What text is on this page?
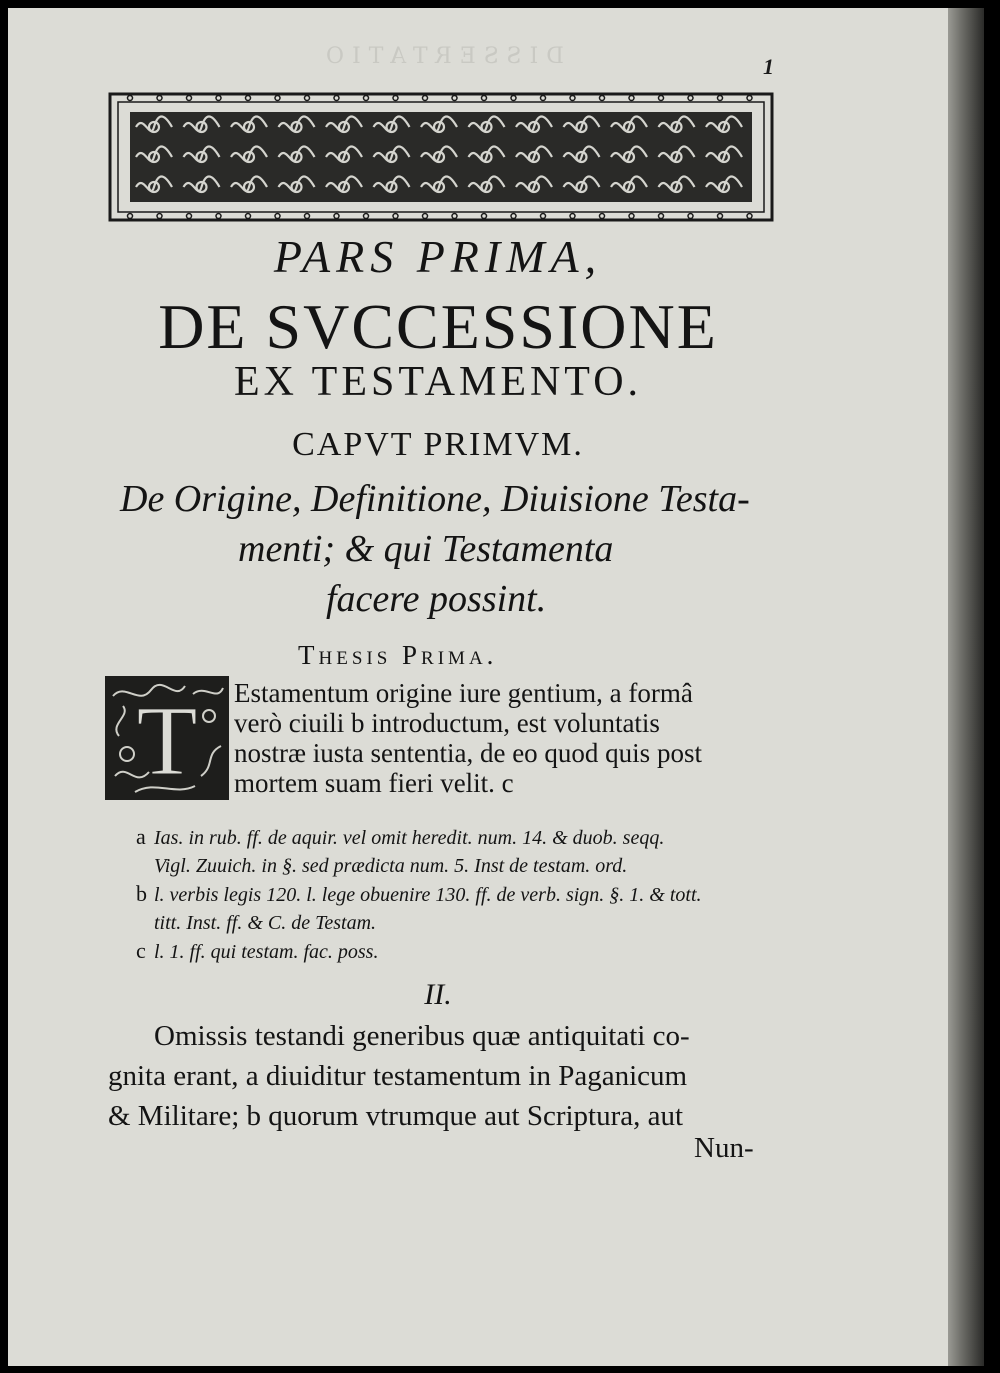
DISSERTATIO	1
PARS PRIMA,
DE SVCCESSIONE
EX TESTAMENTO.
CAPVT PRIMVM.
De Origine, Definitione, Diuisione Testa-
menti; & qui Testamenta
facere possint.
Thesis Prima.
T Estamentum origine iure gentium, a formâ
verò ciuili b introductum, est voluntatis
nostræ iusta sententia, de eo quod quis post
mortem suam fieri velit. c
a Ias. in rub. ff. de aquir. vel omit heredit. num. 14. & duob. seqq.
Vigl. Zuuich. in §. sed prædicta num. 5. Inst de testam. ord.
b l. verbis legis 120. l. lege obuenire 130. ff. de verb. sign. §. 1. & tott.
titt. Inst. ff. & C. de Testam.
c l. 1. ff. qui testam. fac. poss.
II.
Omissis testandi generibus quæ antiquitati co-
gnita erant, a diuiditur testamentum in Paganicum
& Militare; b quorum vtrumque aut Scriptura, aut
Nun-
